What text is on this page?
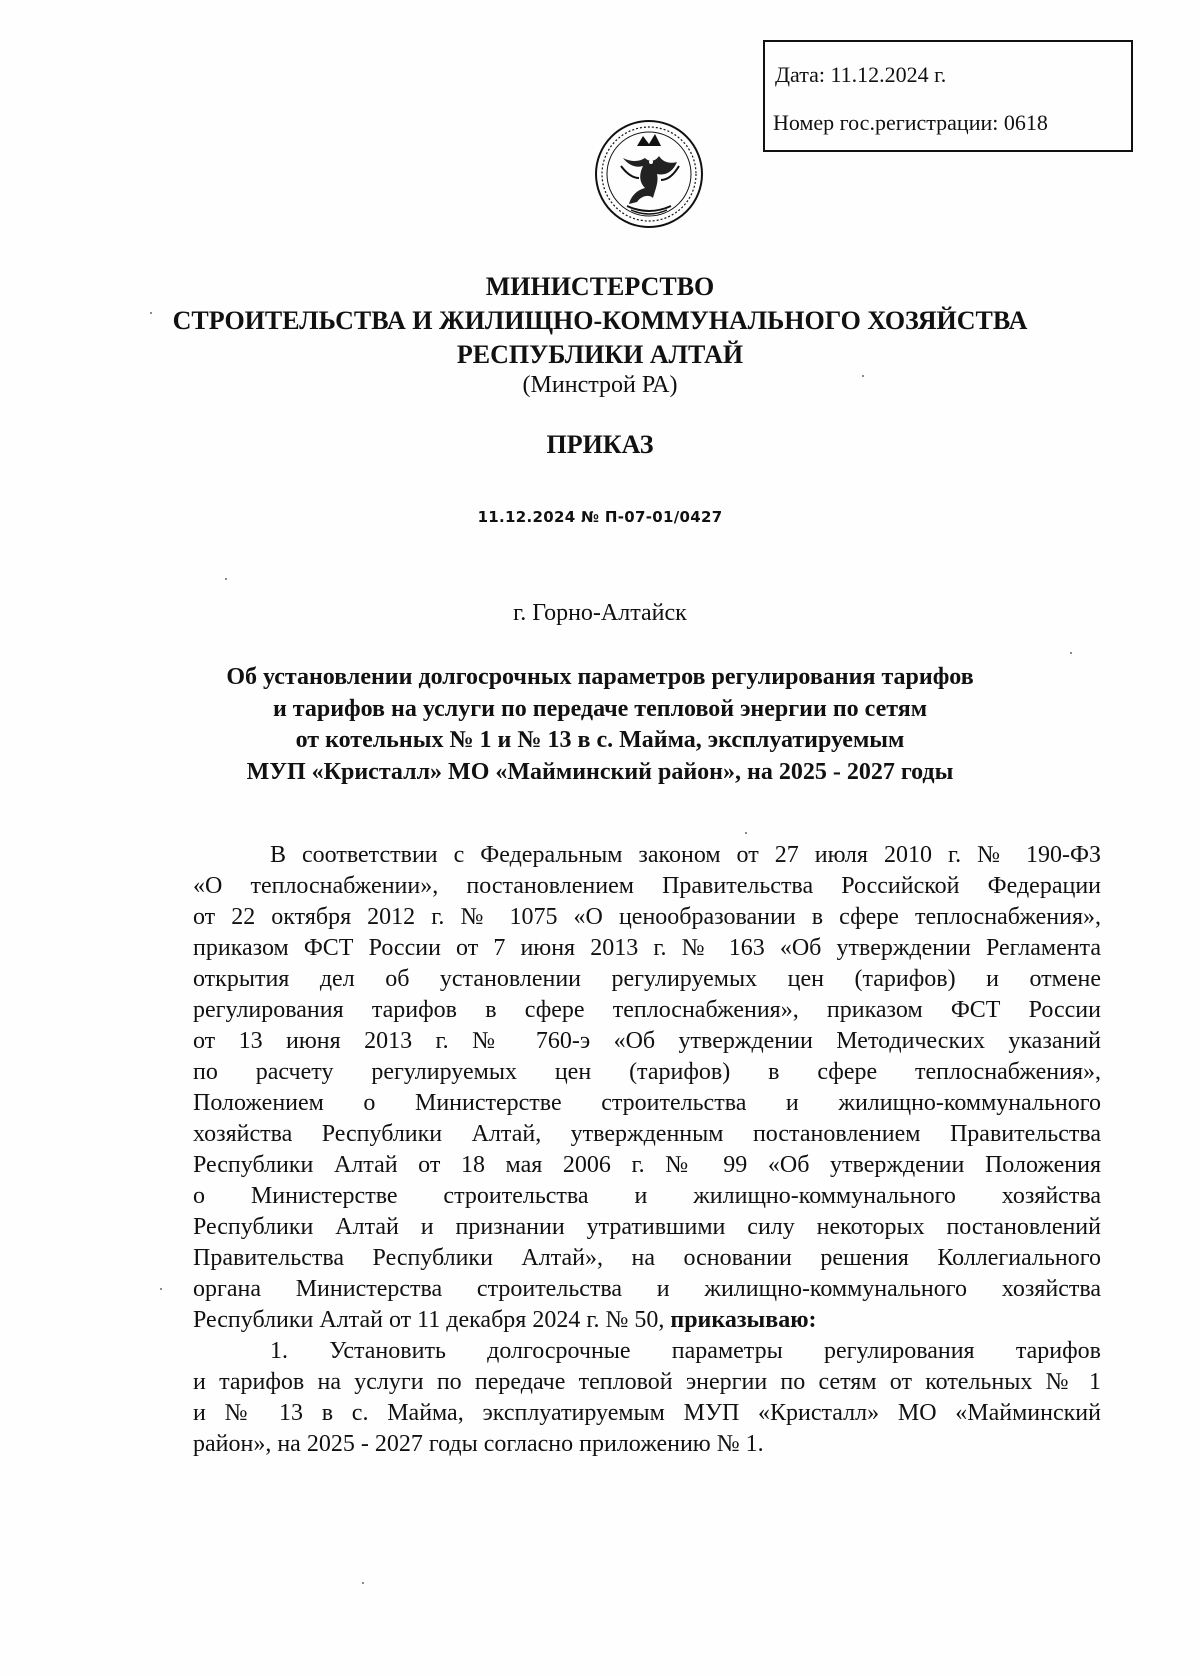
Дата: 11.12.2024 г.
Номер гос.регистрации: 0618
МИНИСТЕРСТВО
СТРОИТЕЛЬСТВА И ЖИЛИЩНО-КОММУНАЛЬНОГО ХОЗЯЙСТВА
РЕСПУБЛИКИ АЛТАЙ
(Минстрой РА)
ПРИКАЗ
11.12.2024 № П-07-01/0427
г. Горно-Алтайск
Об установлении долгосрочных параметров регулирования тарифов
и тарифов на услуги по передаче тепловой энергии по сетям
от котельных № 1 и № 13 в с. Майма, эксплуатируемым
МУП «Кристалл» МО «Майминский район», на 2025 - 2027 годы
В соответствии с Федеральным законом от 27 июля 2010 г. № 190-ФЗ
«О теплоснабжении», постановлением Правительства Российской Федерации
от 22 октября 2012 г. № 1075 «О ценообразовании в сфере теплоснабжения»,
приказом ФСТ России от 7 июня 2013 г. № 163 «Об утверждении Регламента
открытия дел об установлении регулируемых цен (тарифов) и отмене
регулирования тарифов в сфере теплоснабжения», приказом ФСТ России
от 13 июня 2013 г. № 760-э «Об утверждении Методических указаний
по расчету регулируемых цен (тарифов) в сфере теплоснабжения»,
Положением о Министерстве строительства и жилищно-коммунального
хозяйства Республики Алтай, утвержденным постановлением Правительства
Республики Алтай от 18 мая 2006 г. № 99 «Об утверждении Положения
о Министерстве строительства и жилищно-коммунального хозяйства
Республики Алтай и признании утратившими силу некоторых постановлений
Правительства Республики Алтай», на основании решения Коллегиального
органа Министерства строительства и жилищно-коммунального хозяйства
Республики Алтай от 11 декабря 2024 г. № 50, приказываю:
1. Установить долгосрочные параметры регулирования тарифов
и тарифов на услуги по передаче тепловой энергии по сетям от котельных № 1
и № 13 в с. Майма, эксплуатируемым МУП «Кристалл» МО «Майминский
район», на 2025 - 2027 годы согласно приложению № 1.
